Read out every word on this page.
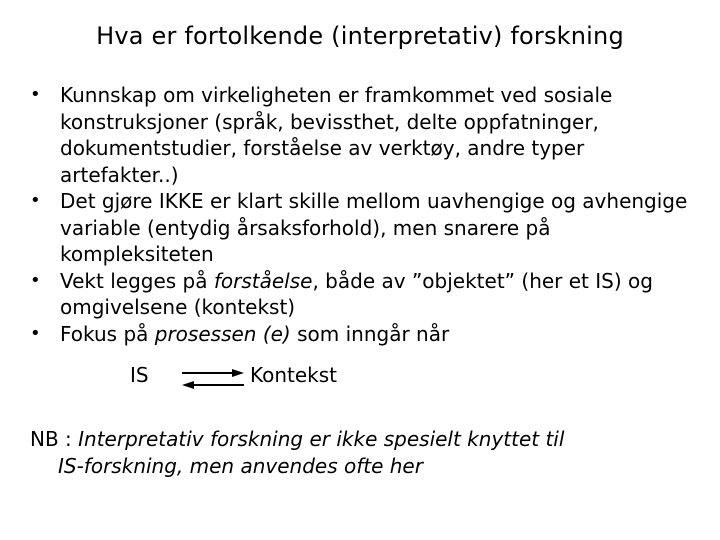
Hva er fortolkende (interpretativ) forskning
• Kunnskap om virkeligheten er framkommet ved sosiale konstruksjoner (språk, bevissthet, delte oppfatninger, dokumentstudier, forståelse av verktøy, andre typer artefakter..)
• Det gjøre IKKE er klart skille mellom uavhengige og avhengige variable (entydig årsaksforhold), men snarere på kompleksiteten
• Vekt legges på forståelse, både av ”objektet” (her et IS) og omgivelsene (kontekst)
• Fokus på prosessen (e) som inngår når
IS	Kontekst
NB : Interpretativ forskning er ikke spesielt knyttet til
IS-forskning, men anvendes ofte her
